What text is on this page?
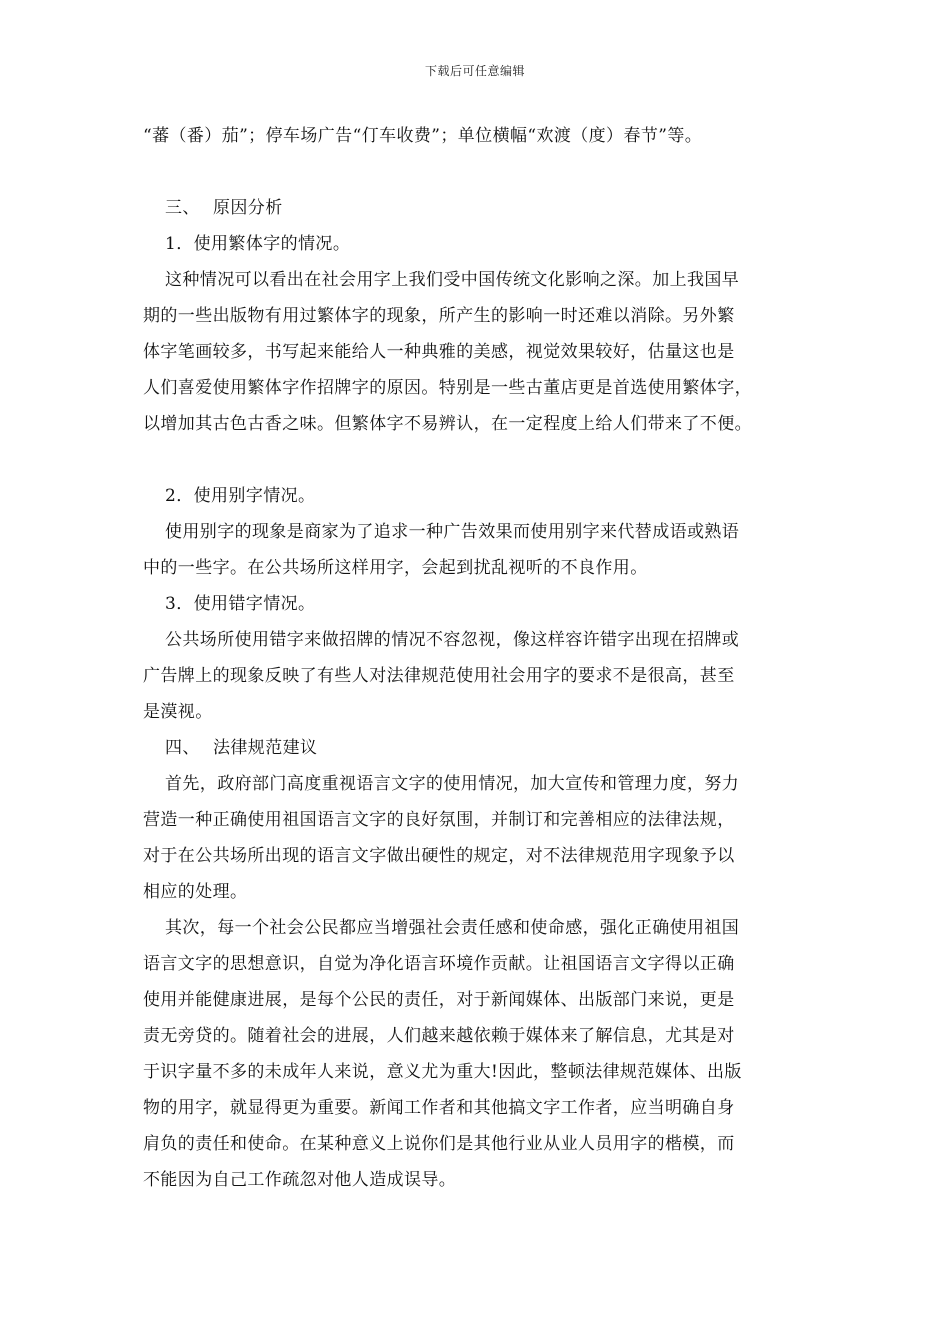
下载后可任意编辑
“蕃（番）茄”；停车场广告“仃车收费”；单位横幅“欢渡（度）春节”等。
三、 原因分析
1．使用繁体字的情况。
这种情况可以看出在社会用字上我们受中国传统文化影响之深。加上我国早
期的一些出版物有用过繁体字的现象，所产生的影响一时还难以消除。另外繁
体字笔画较多，书写起来能给人一种典雅的美感，视觉效果较好，估量这也是
人们喜爱使用繁体字作招牌字的原因。特别是一些古董店更是首选使用繁体字，
以增加其古色古香之味。但繁体字不易辨认，在一定程度上给人们带来了不便。
2．使用别字情况。
使用别字的现象是商家为了追求一种广告效果而使用别字来代替成语或熟语
中的一些字。在公共场所这样用字，会起到扰乱视听的不良作用。
3．使用错字情况。
公共场所使用错字来做招牌的情况不容忽视，像这样容许错字出现在招牌或
广告牌上的现象反映了有些人对法律规范使用社会用字的要求不是很高，甚至
是漠视。
四、 法律规范建议
首先，政府部门高度重视语言文字的使用情况，加大宣传和管理力度，努力
营造一种正确使用祖国语言文字的良好氛围，并制订和完善相应的法律法规，
对于在公共场所出现的语言文字做出硬性的规定，对不法律规范用字现象予以
相应的处理。
其次，每一个社会公民都应当增强社会责任感和使命感，强化正确使用祖国
语言文字的思想意识，自觉为净化语言环境作贡献。让祖国语言文字得以正确
使用并能健康进展，是每个公民的责任，对于新闻媒体、出版部门来说，更是
责无旁贷的。随着社会的进展，人们越来越依赖于媒体来了解信息，尤其是对
于识字量不多的未成年人来说，意义尤为重大!因此，整顿法律规范媒体、出版
物的用字，就显得更为重要。新闻工作者和其他搞文字工作者，应当明确自身
肩负的责任和使命。在某种意义上说你们是其他行业从业人员用字的楷模，而
不能因为自己工作疏忽对他人造成误导。
